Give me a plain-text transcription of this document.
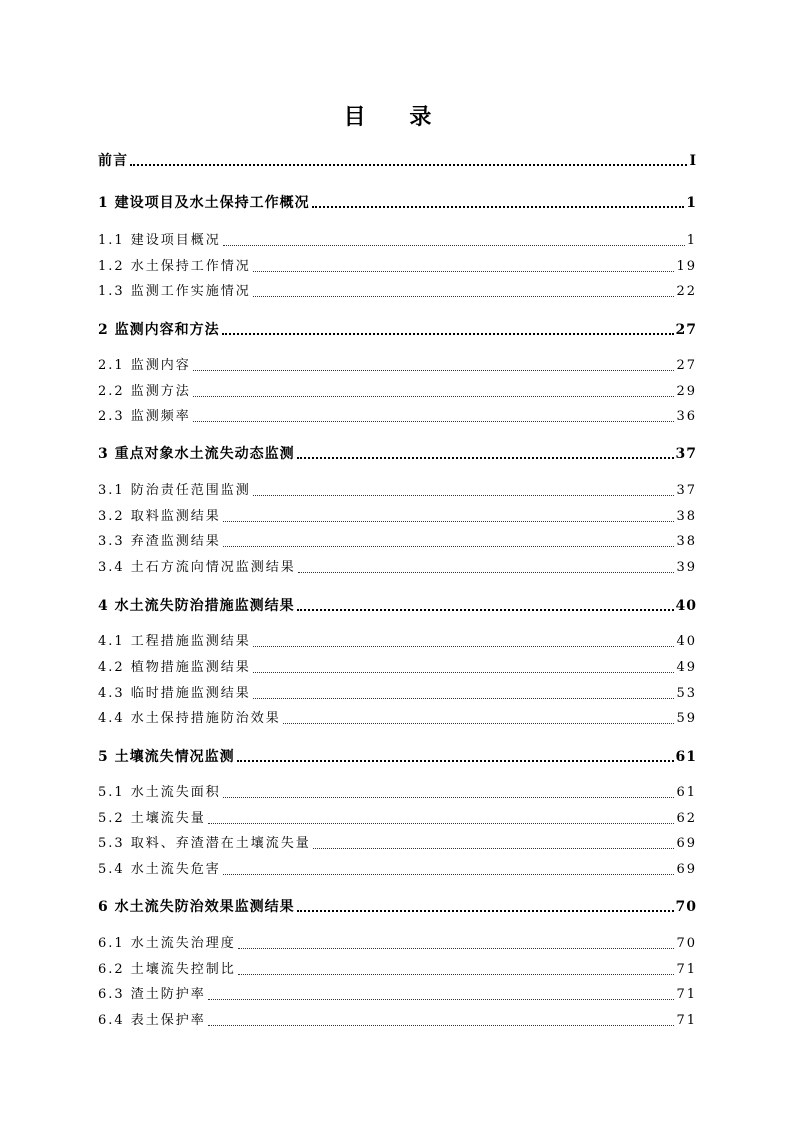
目 录
前言	I
1 建设项目及水土保持工作概况	1
1.1 建设项目概况	1
1.2 水土保持工作情况	19
1.3 监测工作实施情况	22
2 监测内容和方法	27
2.1 监测内容	27
2.2 监测方法	29
2.3 监测频率	36
3 重点对象水土流失动态监测	37
3.1 防治责任范围监测	37
3.2 取料监测结果	38
3.3 弃渣监测结果	38
3.4 土石方流向情况监测结果	39
4 水土流失防治措施监测结果	40
4.1 工程措施监测结果	40
4.2 植物措施监测结果	49
4.3 临时措施监测结果	53
4.4 水土保持措施防治效果	59
5 土壤流失情况监测	61
5.1 水土流失面积	61
5.2 土壤流失量	62
5.3 取料、弃渣潜在土壤流失量	69
5.4 水土流失危害	69
6 水土流失防治效果监测结果	70
6.1 水土流失治理度	70
6.2 土壤流失控制比	71
6.3 渣土防护率	71
6.4 表土保护率	71
